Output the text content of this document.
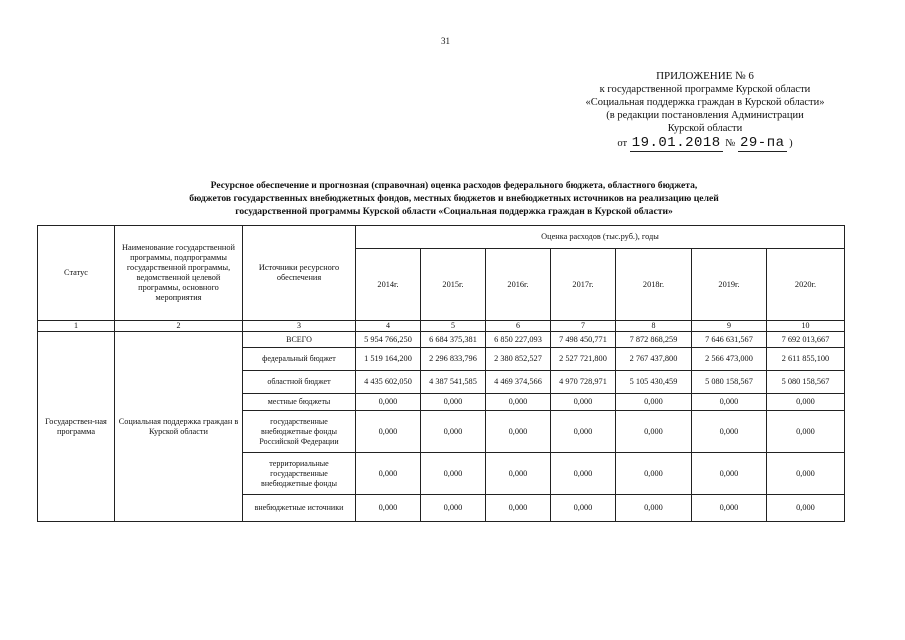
31
ПРИЛОЖЕНИЕ № 6
к государственной программе Курской области
«Социальная поддержка граждан в Курской области»
(в редакции постановления Администрации
Курской области
от 19.01.2018 № 29-па )
Ресурсное обеспечение и прогнозная (справочная) оценка расходов федерального бюджета, областного бюджета,
бюджетов государственных внебюджетных фондов, местных бюджетов и внебюджетных источников на реализацию целей
государственной программы Курской области «Социальная поддержка граждан в Курской области»
Статус	Наименование государственной программы, подпрограммы государственной программы, ведомственной целевой программы, основного мероприятия	Источники ресурсного обеспечения	Оценка расходов (тыс.руб.), годы						
			2014г.	2015г.	2016г.	2017г.	2018г.	2019г.	2020г.
1	2	3	4	5	6	7	8	9	10
Государствен-ная программа	Социальная поддержка граждан в Курской области	ВСЕГО	5 954 766,250	6 684 375,381	6 850 227,093	7 498 450,771	7 872 868,259	7 646 631,567	7 692 013,667
		федеральный бюджет	1 519 164,200	2 296 833,796	2 380 852,527	2 527 721,800	2 767 437,800	2 566 473,000	2 611 855,100
		областной бюджет	4 435 602,050	4 387 541,585	4 469 374,566	4 970 728,971	5 105 430,459	5 080 158,567	5 080 158,567
		местные бюджеты	0,000	0,000	0,000	0,000	0,000	0,000	0,000
		государственные внебюджетные фонды Российской Федерации	0,000	0,000	0,000	0,000	0,000	0,000	0,000
		территориальные государственные внебюджетные фонды	0,000	0,000	0,000	0,000	0,000	0,000	0,000
		внебюджетные источники	0,000	0,000	0,000	0,000	0,000	0,000	0,000
